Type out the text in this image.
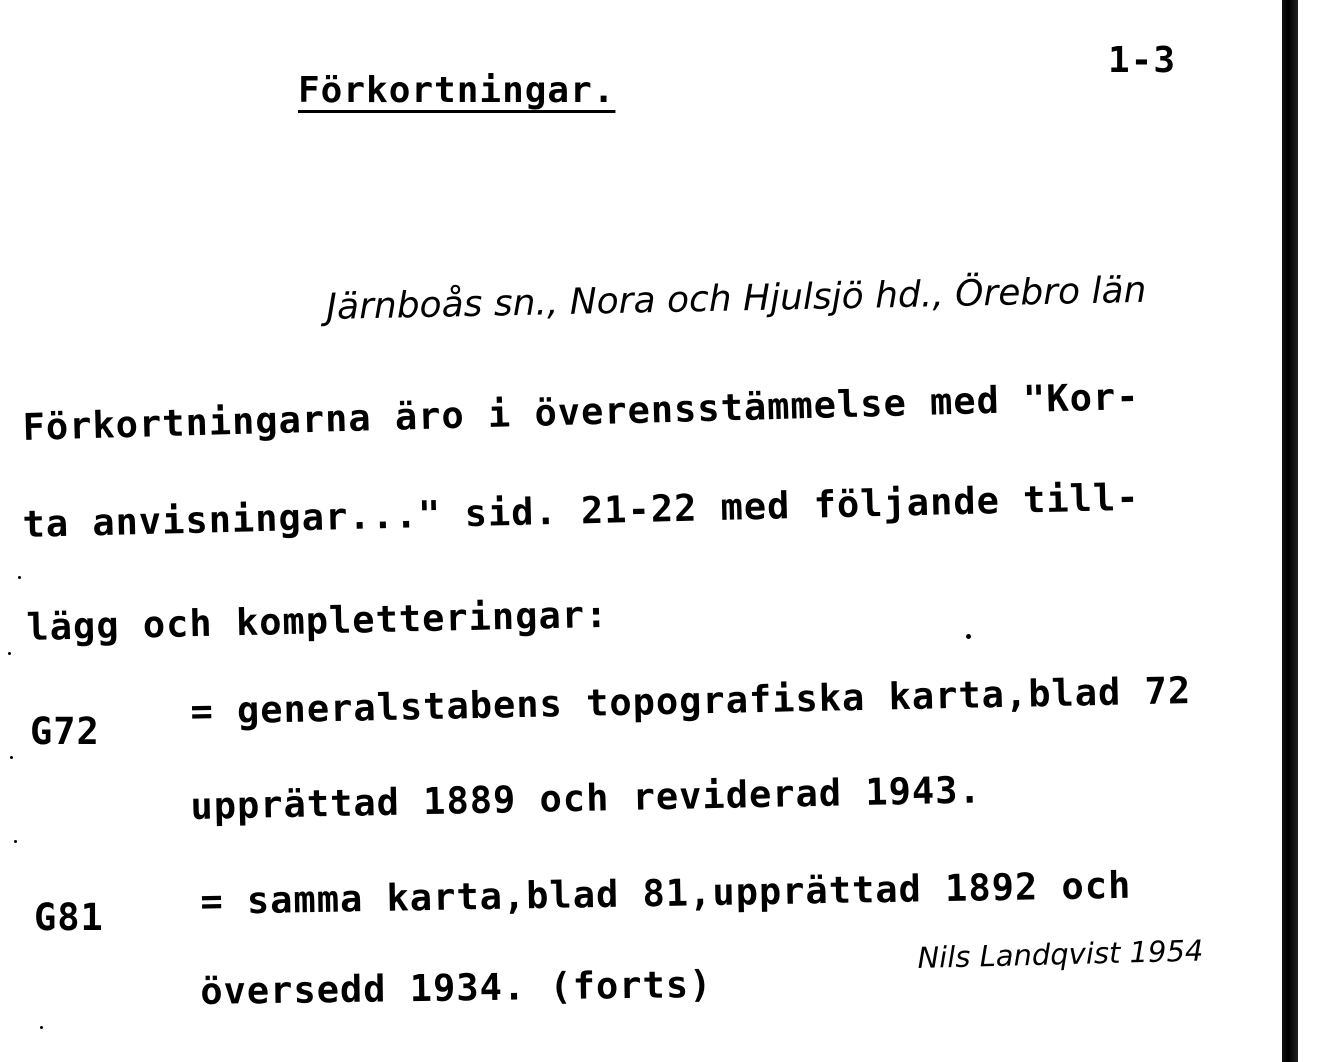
1-3
Förkortningar.
Järnboås sn., Nora och Hjulsjö hd., Örebro län
Förkortningarna äro i överensstämmelse med "Kor-
ta anvisningar..." sid. 21-22 med följande till-
lägg och kompletteringar:
G72 = generalstabens topografiska karta,blad 72
upprättad 1889 och reviderad 1943.
G81	= samma karta,blad 81,upprättad 1892 och
översedd 1934. (forts)
Nils Landqvist 1954
